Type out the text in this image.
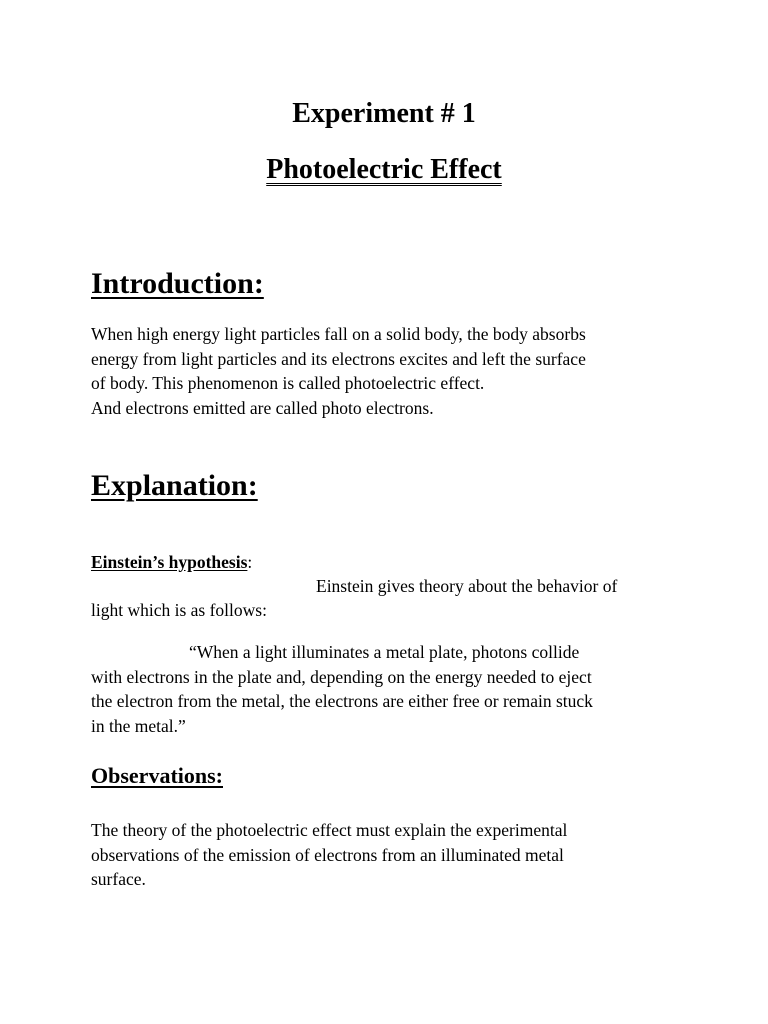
Experiment # 1
Photoelectric Effect
Introduction:

When high energy light particles fall on a solid body, the body absorbs
energy from light particles and its electrons excites and left the surface
of body. This phenomenon is called photoelectric effect.
And electrons emitted are called photo electrons.

Explanation:
Einstein’s hypothesis:
Einstein gives theory about the behavior of
light which is as follows:

“When a light illuminates a metal plate, photons collide
with electrons in the plate and, depending on the energy needed to eject
the electron from the metal, the electrons are either free or remain stuck
in the metal.”

Observations:

The theory of the photoelectric effect must explain the experimental
observations of the emission of electrons from an illuminated metal
surface.
